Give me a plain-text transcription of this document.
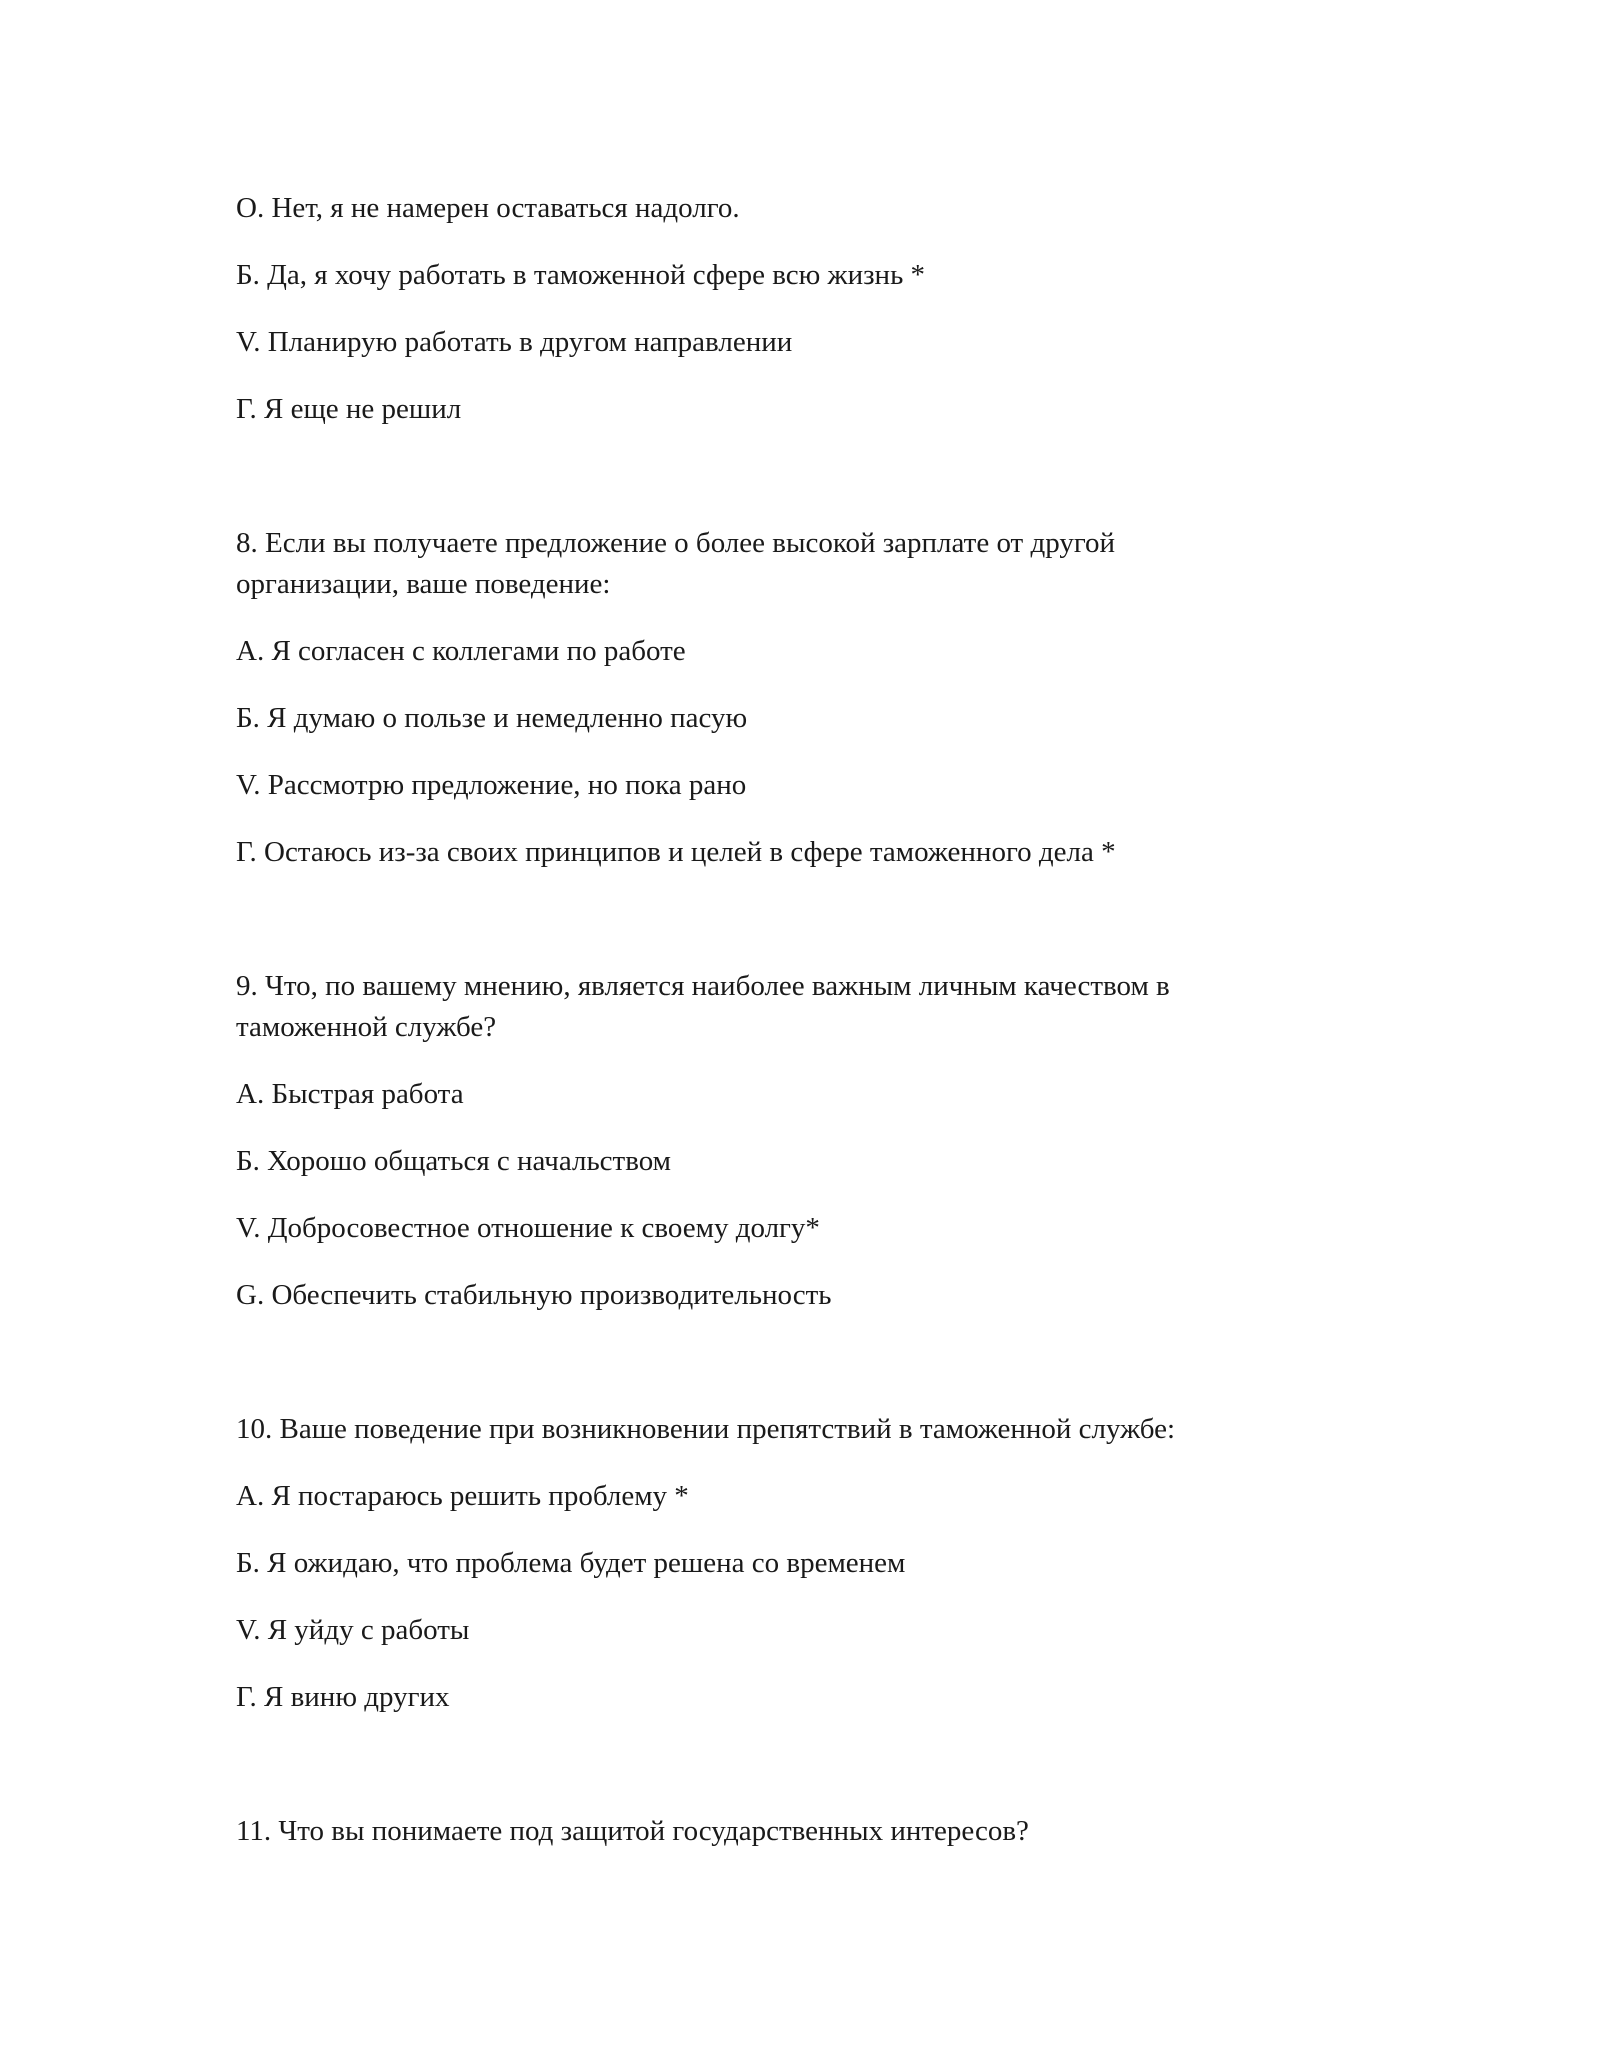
О. Нет, я не намерен оставаться надолго.
Б. Да, я хочу работать в таможенной сфере всю жизнь *
V. Планирую работать в другом направлении
Г. Я еще не решил
8. Если вы получаете предложение о более высокой зарплате от другой
организации, ваше поведение:
А. Я согласен с коллегами по работе
Б. Я думаю о пользе и немедленно пасую
V. Рассмотрю предложение, но пока рано
Г. Остаюсь из-за своих принципов и целей в сфере таможенного дела *
9. Что, по вашему мнению, является наиболее важным личным качеством в
таможенной службе?
А. Быстрая работа
Б. Хорошо общаться с начальством
V. Добросовестное отношение к своему долгу*
G. Обеспечить стабильную производительность
10. Ваше поведение при возникновении препятствий в таможенной службе:
А. Я постараюсь решить проблему *
Б. Я ожидаю, что проблема будет решена со временем
V. Я уйду с работы
Г. Я виню других
11. Что вы понимаете под защитой государственных интересов?
